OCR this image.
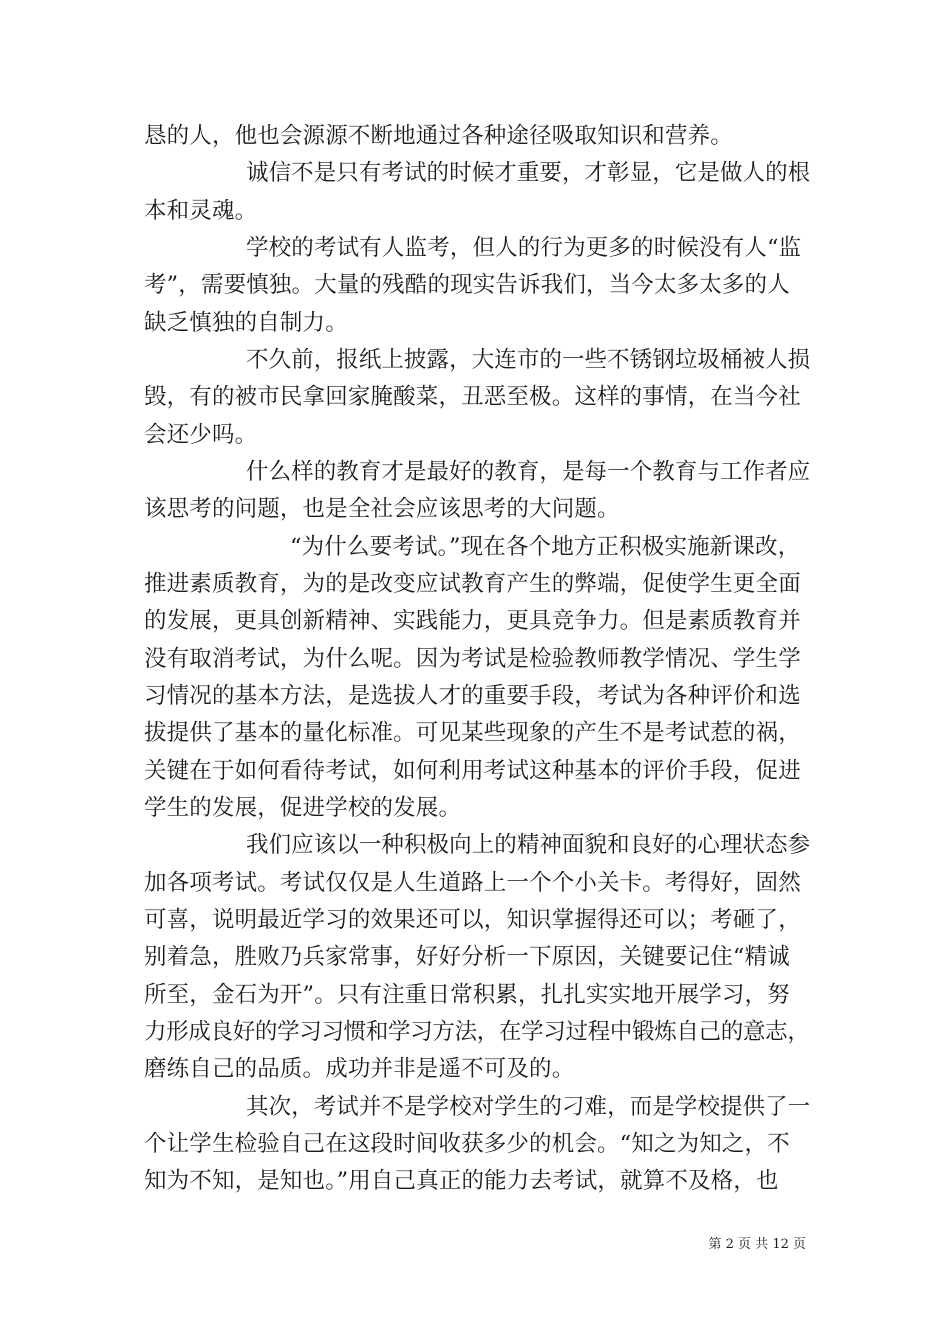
恳的人，他也会源源不断地通过各种途径吸取知识和营养。
诚信不是只有考试的时候才重要，才彰显，它是做人的根
本和灵魂。
学校的考试有人监考，但人的行为更多的时候没有人“监
考”，需要慎独。大量的残酷的现实告诉我们，当今太多太多的人
缺乏慎独的自制力。
不久前，报纸上披露，大连市的一些不锈钢垃圾桶被人损
毁，有的被市民拿回家腌酸菜，丑恶至极。这样的事情，在当今社
会还少吗。
什么样的教育才是最好的教育，是每一个教育与工作者应
该思考的问题，也是全社会应该思考的大问题。
“为什么要考试。”现在各个地方正积极实施新课改，
推进素质教育，为的是改变应试教育产生的弊端，促使学生更全面
的发展，更具创新精神、实践能力，更具竞争力。但是素质教育并
没有取消考试，为什么呢。因为考试是检验教师教学情况、学生学
习情况的基本方法，是选拔人才的重要手段，考试为各种评价和选
拔提供了基本的量化标准。可见某些现象的产生不是考试惹的祸，
关键在于如何看待考试，如何利用考试这种基本的评价手段，促进
学生的发展，促进学校的发展。
我们应该以一种积极向上的精神面貌和良好的心理状态参
加各项考试。考试仅仅是人生道路上一个个小关卡。考得好，固然
可喜，说明最近学习的效果还可以，知识掌握得还可以；考砸了，
别着急，胜败乃兵家常事，好好分析一下原因，关键要记住“精诚
所至，金石为开”。只有注重日常积累，扎扎实实地开展学习，努
力形成良好的学习习惯和学习方法，在学习过程中锻炼自己的意志，
磨练自己的品质。成功并非是遥不可及的。
其次，考试并不是学校对学生的刁难，而是学校提供了一
个让学生检验自己在这段时间收获多少的机会。“知之为知之，不
知为不知，是知也。”用自己真正的能力去考试，就算不及格，也
第 2 页 共 12 页
